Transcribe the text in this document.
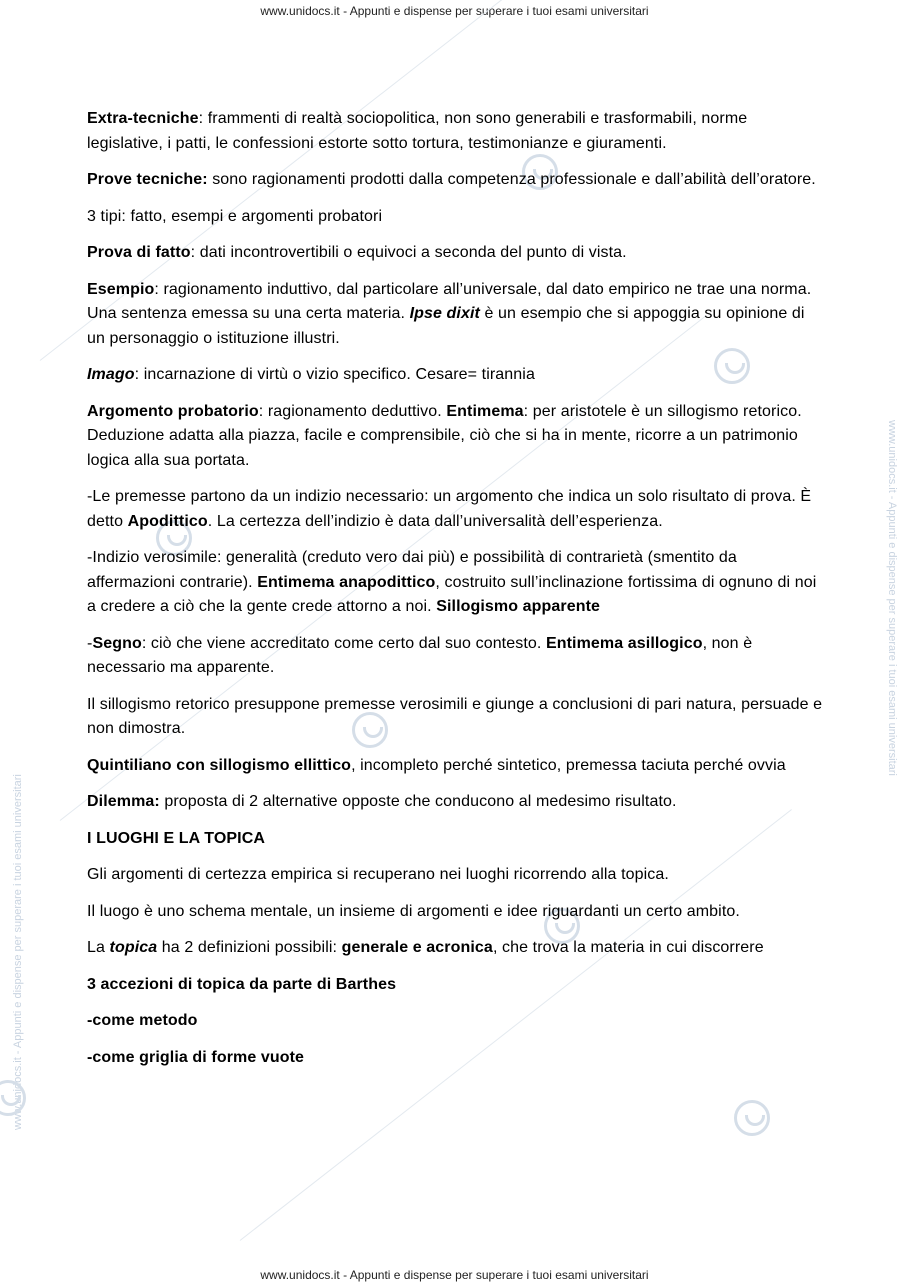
www.unidocs.it - Appunti e dispense per superare i tuoi esami universitari
www.unidocs.it - Appunti e dispense per superare i tuoi esami universitari
www.unidocs.it - Appunti e dispense per superare i tuoi esami universitari
www.unidocs.it - Appunti e dispense per superare i tuoi esami universitari
Extra-tecniche: frammenti di realtà sociopolitica, non sono generabili e trasformabili, norme legislative, i patti, le confessioni estorte sotto tortura, testimonianze e giuramenti.
Prove tecniche: sono ragionamenti prodotti dalla competenza professionale e dall’abilità dell’oratore.
3 tipi: fatto, esempi e argomenti probatori
Prova di fatto: dati incontrovertibili o equivoci a seconda del punto di vista.
Esempio: ragionamento induttivo, dal particolare all’universale, dal dato empirico ne trae una norma. Una sentenza emessa su una certa materia. Ipse dixit è un esempio che si appoggia su opinione di un personaggio o istituzione illustri.
Imago: incarnazione di virtù o vizio specifico. Cesare= tirannia
Argomento probatorio: ragionamento deduttivo. Entimema: per aristotele è un sillogismo retorico. Deduzione adatta alla piazza, facile e comprensibile, ciò che si ha in mente, ricorre a un patrimonio logica alla sua portata.
-Le premesse partono da un indizio necessario: un argomento che indica un solo risultato di prova. È detto Apodittico. La certezza dell’indizio è data dall’universalità dell’esperienza.
-Indizio verosimile: generalità (creduto vero dai più) e possibilità di contrarietà (smentito da affermazioni contrarie). Entimema anapodittico, costruito sull’inclinazione fortissima di ognuno di noi a credere a ciò che la gente crede attorno a noi. Sillogismo apparente
-Segno: ciò che viene accreditato come certo dal suo contesto. Entimema asillogico, non è necessario ma apparente.
Il sillogismo retorico presuppone premesse verosimili e giunge a conclusioni di pari natura, persuade e non dimostra.
Quintiliano con sillogismo ellittico, incompleto perché sintetico, premessa taciuta perché ovvia
Dilemma: proposta di 2 alternative opposte che conducono al medesimo risultato.
I LUOGHI E LA TOPICA
Gli argomenti di certezza empirica si recuperano nei luoghi ricorrendo alla topica.
Il luogo è uno schema mentale, un insieme di argomenti e idee riguardanti un certo ambito.
La topica ha 2 definizioni possibili: generale e acronica, che trova la materia in cui discorrere
3 accezioni di topica da parte di Barthes
-come metodo
-come griglia di forme vuote
